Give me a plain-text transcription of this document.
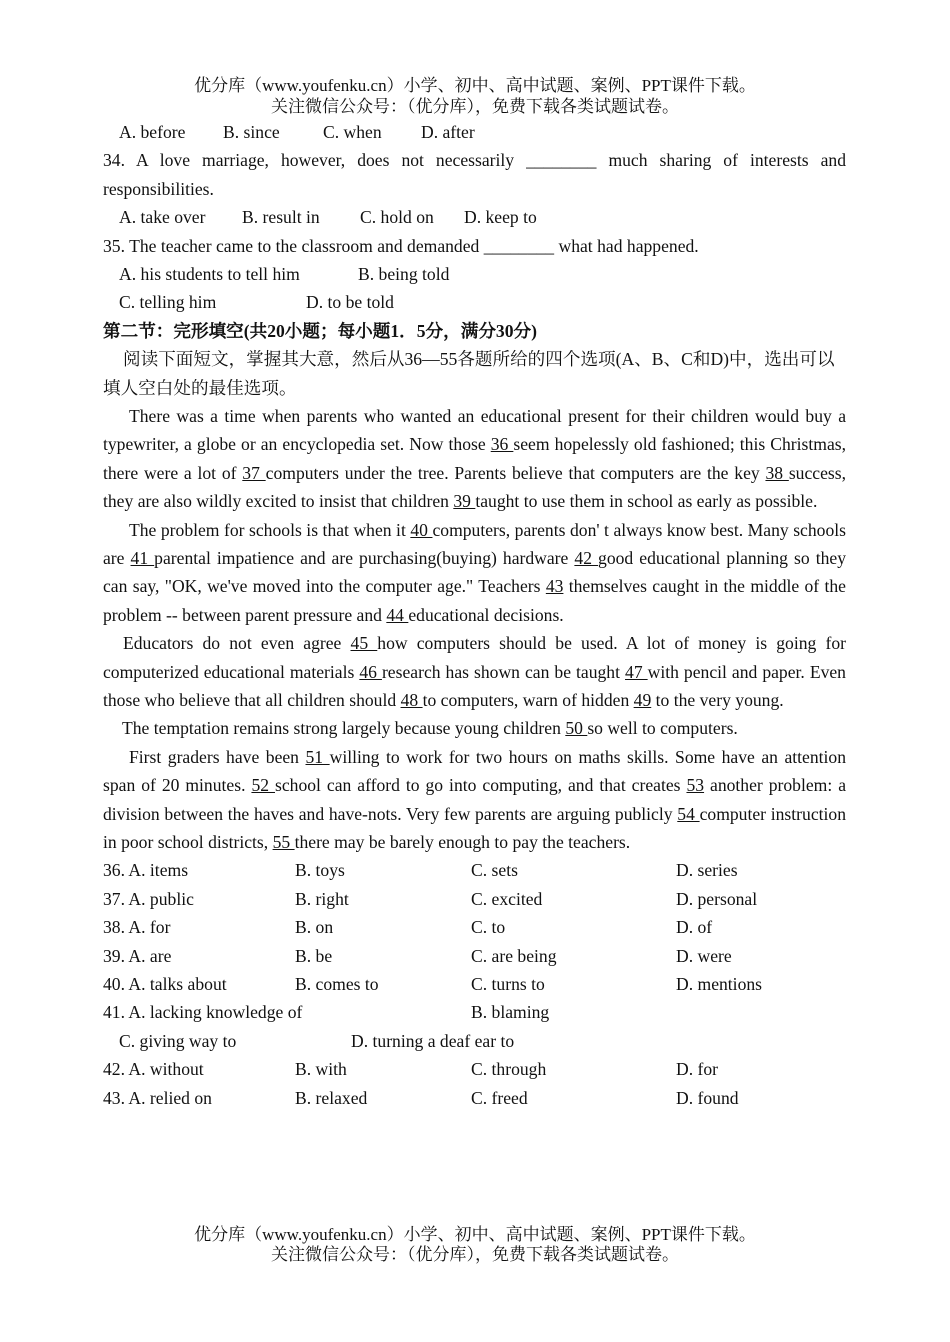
优分库（www.youfenku.cn）小学、初中、高中试题、案例、PPT课件下载。
关注微信公众号：（优分库），免费下载各类试题试卷。
A. before B. since C. when D. after
34. A love marriage, however, does not necessarily ________ much sharing of interests and responsibilities.
A. take over B. result in C. hold on D. keep to
35. The teacher came to the classroom and demanded ________ what had happened.
A. his students to tell him	B. being told
C. telling him	D. to be told
第二节：完形填空(共20小题；每小题1．5分，满分30分)
阅读下面短文，掌握其大意，然后从36—55各题所给的四个选项(A、B、C和D)中，选出可以填人空白处的最佳选项。
There was a time when parents who wanted an educational present for their children would buy a typewriter, a globe or an encyclopedia set. Now those 36 seem hopelessly old fashioned; this Christmas, there were a lot of 37 computers under the tree. Parents believe that computers are the key 38 success, they are also wildly excited to insist that children 39 taught to use them in school as early as possible.
The problem for schools is that when it 40 computers, parents don' t always know best. Many schools are 41 parental impatience and are purchasing(buying) hardware 42 good educational planning so they can say, "OK, we've moved into the computer age." Teachers 43 themselves caught in the middle of the problem -- between parent pressure and 44 educational decisions.
Educators do not even agree 45 how computers should be used. A lot of money is going for computerized educational materials 46 research has shown can be taught 47 with pencil and paper. Even those who believe that all children should 48 to computers, warn of hidden 49 to the very young.
The temptation remains strong largely because young children 50 so well to computers.
First graders have been 51 willing to work for two hours on maths skills. Some have an attention span of 20 minutes. 52 school can afford to go into computing, and that creates 53 another problem: a division between the haves and have-nots. Very few parents are arguing publicly 54 computer instruction in poor school districts, 55 there may be barely enough to pay the teachers.
36. A. items	B. toys	C. sets	D. series
37. A. public	B. right	C. excited	D. personal
38. A. for	B. on	C. to	D. of
39. A. are	B. be	C. are being	D. were
40. A. talks about	B. comes to	C. turns to	D. mentions
41. A. lacking knowledge of	B. blaming
C. giving way to	D. turning a deaf ear to
42. A. without	B. with	C. through	D. for
43. A. relied on	B. relaxed	C. freed	D. found
优分库（www.youfenku.cn）小学、初中、高中试题、案例、PPT课件下载。
关注微信公众号：（优分库），免费下载各类试题试卷。
